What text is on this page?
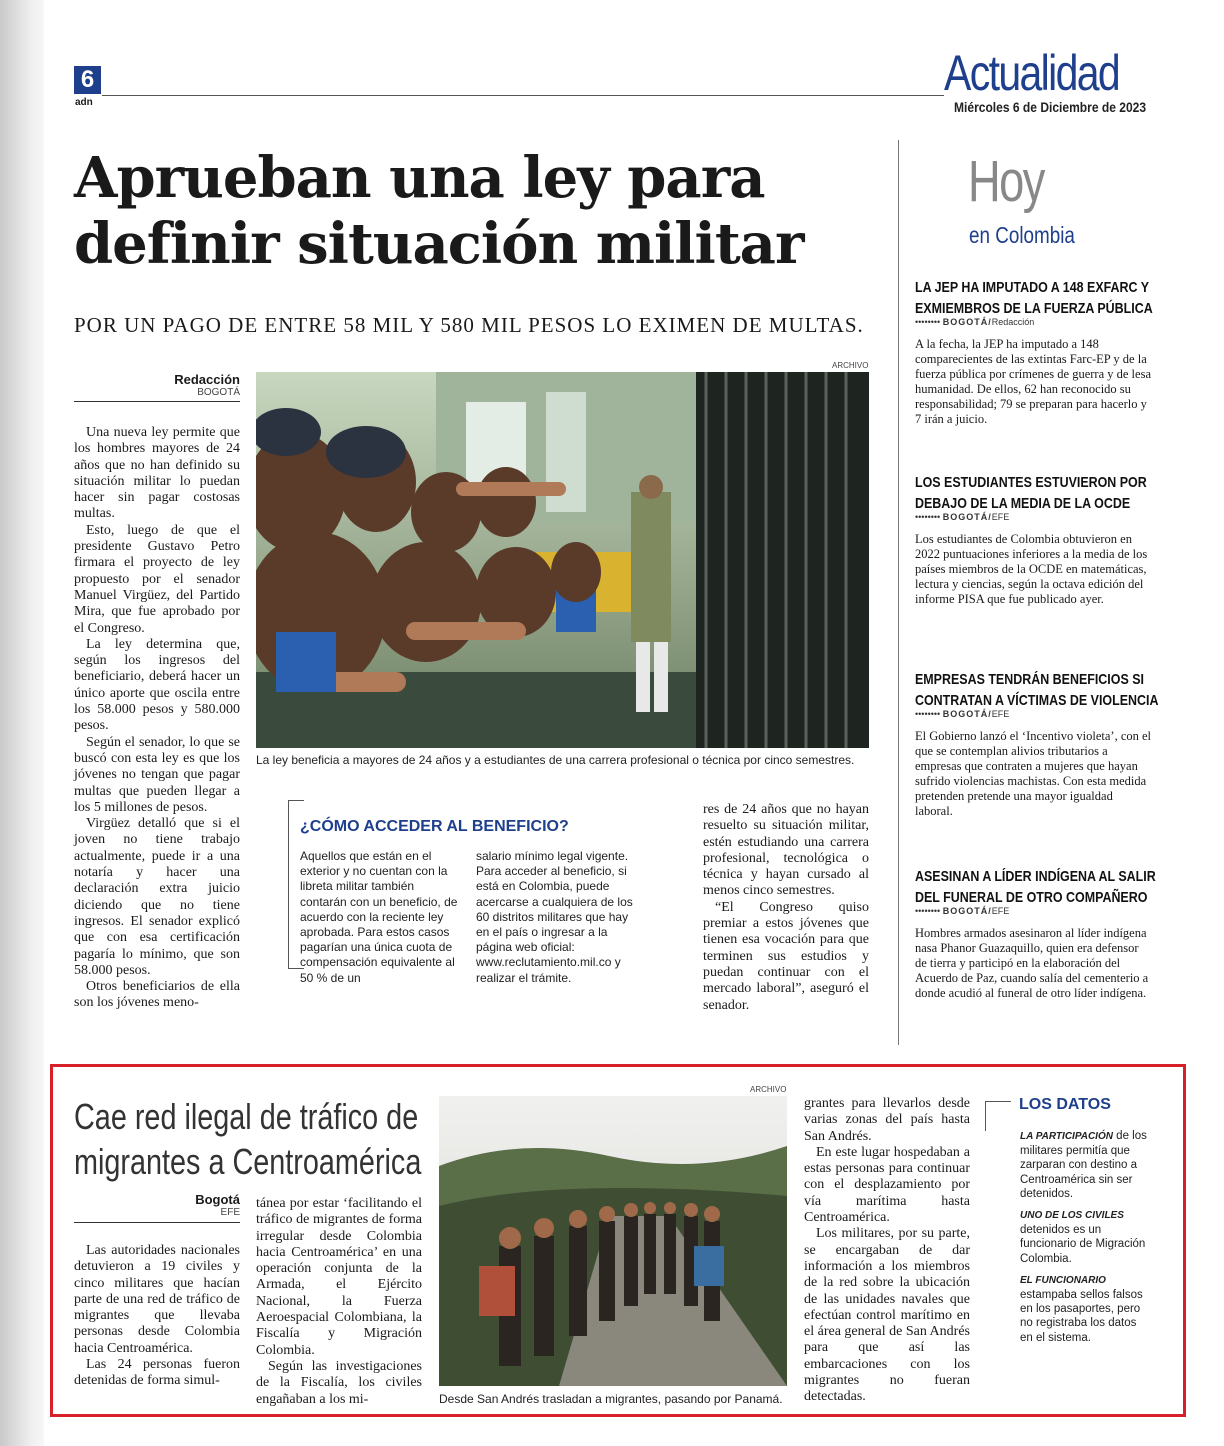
6
adn
Actualidad
Miércoles 6 de Diciembre de 2023
Aprueban una ley para
definir situación militar
POR UN PAGO DE ENTRE 58 MIL Y 580 MIL PESOS LO EXIMEN DE MULTAS.
Redacción
BOGOTÁ

Una nueva ley permite que los hombres mayores de 24 años que no han definido su situación militar lo puedan hacer sin pagar costosas multas.

Esto, luego de que el presidente Gustavo Petro firmara el proyecto de ley propuesto por el senador Manuel Virgüez, del Partido Mira, que fue aprobado por el Congreso.

La ley determina que, según los ingresos del beneficiario, deberá hacer un único aporte que oscila entre los 58.000 pesos y 580.000 pesos.

Según el senador, lo que se buscó con esta ley es que los jóvenes no tengan que pagar multas que pueden llegar a los 5 millones de pesos.

Virgüez detalló que si el joven no tiene trabajo actualmente, puede ir a una notaría y hacer una declaración extra juicio diciendo que no tiene ingresos. El senador explicó que con esa certificación pagaría lo mínimo, que son 58.000 pesos.

Otros beneficiarios de ella son los jóvenes meno-

ARCHIVO
La ley beneficia a mayores de 24 años y a estudiantes de una carrera profesional o técnica por cinco semestres.
¿CÓMO ACCEDER AL BENEFICIO?
Aquellos que están en el exterior y no cuentan con la libreta militar también contarán con un beneficio, de acuerdo con la reciente ley aprobada. Para estos casos pagarían una única cuota de compensación equivalente al 50 % de un
salario mínimo legal vigente. Para acceder al beneficio, si está en Colombia, puede acercarse a cualquiera de los 60 distritos militares que hay en el país o ingresar a la página web oficial: www.reclutamiento.mil.co y realizar el trámite.

res de 24 años que no hayan resuelto su situación militar, estén estudiando una carrera profesional, tecnológica o técnica y hayan cursado al menos cinco semestres.

“El Congreso quiso premiar a estos jóvenes que tienen esa vocación para que terminen sus estudios y puedan continuar con el mercado laboral”, aseguró el senador.

Hoy
en Colombia
LA JEP HA IMPUTADO A 148 EXFARC Y EXMIEMBROS DE LA FUERZA PÚBLICA
•••••••• BOGOTÁ/Redacción
A la fecha, la JEP ha imputado a 148 comparecientes de las extintas Farc-EP y de la fuerza pública por crímenes de guerra y de lesa humanidad. De ellos, 62 han reconocido su responsabilidad; 79 se preparan para hacerlo y 7 irán a juicio.
LOS ESTUDIANTES ESTUVIERON POR DEBAJO DE LA MEDIA DE LA OCDE
•••••••• BOGOTÁ/EFE
Los estudiantes de Colombia obtuvieron en 2022 puntuaciones inferiores a la media de los países miembros de la OCDE en matemáticas, lectura y ciencias, según la octava edición del informe PISA que fue publicado ayer.
EMPRESAS TENDRÁN BENEFICIOS SI CONTRATAN A VÍCTIMAS DE VIOLENCIA
•••••••• BOGOTÁ/EFE
El Gobierno lanzó el ‘Incentivo violeta’, con el que se contemplan alivios tributarios a empresas que contraten a mujeres que hayan sufrido violencias machistas. Con esta medida pretenden pretende una mayor igualdad laboral.
ASESINAN A LÍDER INDÍGENA AL SALIR DEL FUNERAL DE OTRO COMPAÑERO
•••••••• BOGOTÁ/EFE
Hombres armados asesinaron al líder indígena nasa Phanor Guazaquillo, quien era defensor de tierra y participó en la elaboración del Acuerdo de Paz, cuando salía del cementerio a donde acudió al funeral de otro líder indígena.
Cae red ilegal de tráfico de
migrantes a Centroamérica
Bogotá
EFE

Las autoridades nacionales detuvieron a 19 civiles y cinco militares que hacían parte de una red de tráfico de migrantes que llevaba personas desde Colombia hacia Centroamérica.

Las 24 personas fueron detenidas de forma simul-

tánea por estar ‘facilitando el tráfico de migrantes de forma irregular desde Colombia hacia Centroamérica’ en una operación conjunta de la Armada, el Ejército Nacional, la Fuerza Aeroespacial Colombiana, la Fiscalía y Migración Colombia.

Según las investigaciones de la Fiscalía, los civiles engañaban a los mi-

ARCHIVO
Desde San Andrés trasladan a migrantes, pasando por Panamá.

grantes para llevarlos desde varias zonas del país hasta San Andrés.

En este lugar hospedaban a estas personas para continuar con el desplazamiento por vía marítima hasta Centroamérica.

Los militares, por su parte, se encargaban de dar información a los miembros de la red sobre la ubicación de las unidades navales que efectúan control marítimo en el área general de San Andrés para que así las embarcaciones con los migrantes no fueran detectadas.

LOS DATOS
LA PARTICIPACIÓN de los militares permitía que zarparan con destino a Centroamérica sin ser detenidos.
UNO DE LOS CIVILES
detenidos es un funcionario de Migración Colombia.
EL FUNCIONARIO
estampaba sellos falsos en los pasaportes, pero no registraba los datos en el sistema.
